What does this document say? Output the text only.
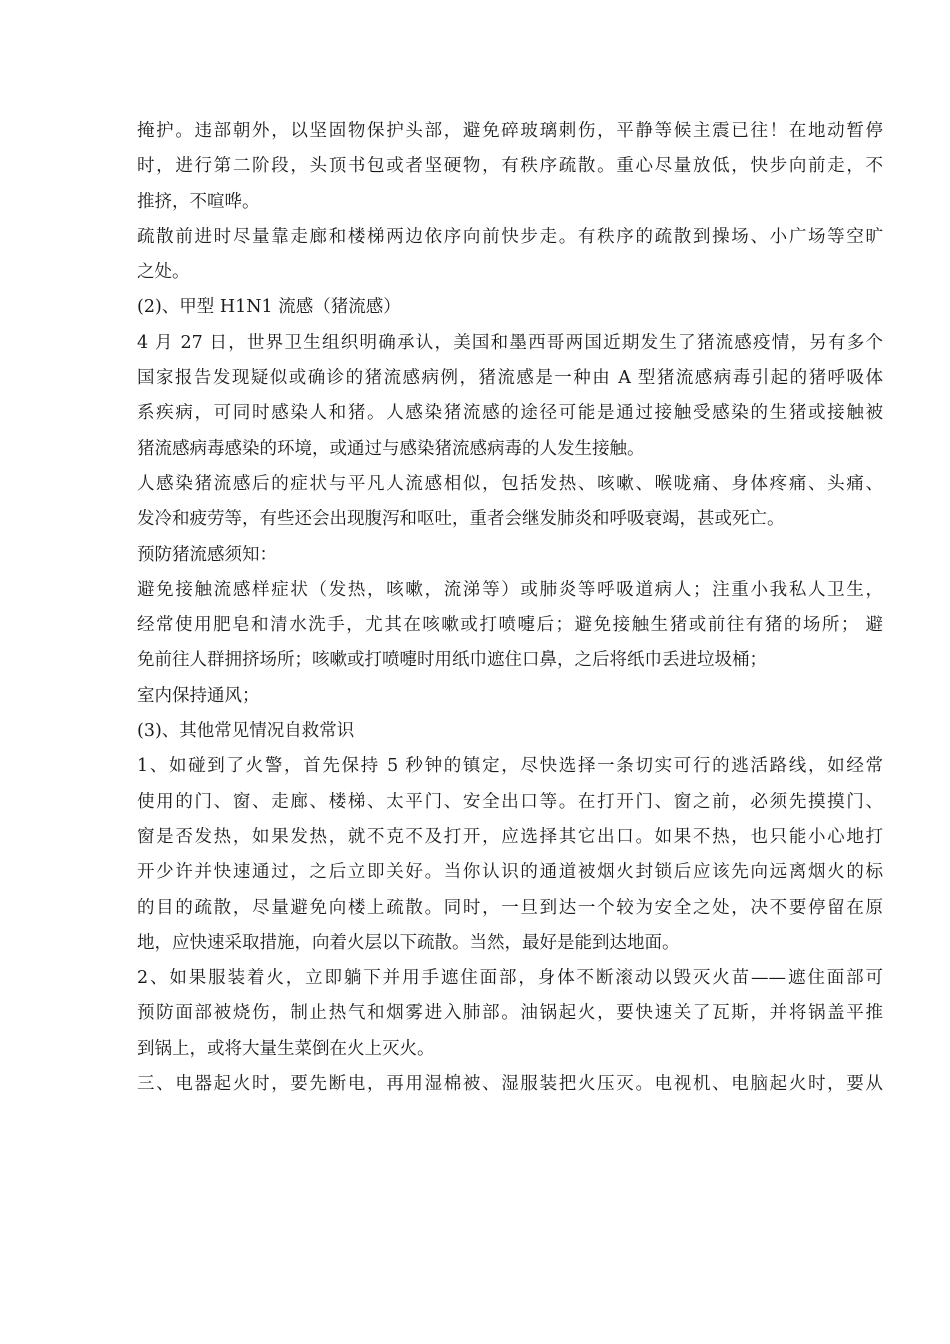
掩护。违部朝外，以坚固物保护头部，避免碎玻璃刺伤，平静等候主震已往！在地动暂停
时，进行第二阶段，头顶书包或者坚硬物，有秩序疏散。重心尽量放低，快步向前走，不
推挤，不喧哗。
疏散前进时尽量靠走廊和楼梯两边依序向前快步走。有秩序的疏散到操场、小广场等空旷
之处。
(2)、甲型 H1N1 流感（猪流感）
4 月 27 日，世界卫生组织明确承认，美国和墨西哥两国近期发生了猪流感疫情，另有多个
国家报告发现疑似或确诊的猪流感病例，猪流感是一种由 A 型猪流感病毒引起的猪呼吸体
系疾病，可同时感染人和猪。人感染猪流感的途径可能是通过接触受感染的生猪或接触被
猪流感病毒感染的环境，或通过与感染猪流感病毒的人发生接触。
人感染猪流感后的症状与平凡人流感相似，包括发热、咳嗽、喉咙痛、身体疼痛、头痛、
发冷和疲劳等，有些还会出现腹泻和呕吐，重者会继发肺炎和呼吸衰竭，甚或死亡。
预防猪流感须知：
避免接触流感样症状（发热，咳嗽，流涕等）或肺炎等呼吸道病人；注重小我私人卫生，
经常使用肥皂和清水洗手，尤其在咳嗽或打喷嚏后；避免接触生猪或前往有猪的场所； 避
免前往人群拥挤场所；咳嗽或打喷嚏时用纸巾遮住口鼻，之后将纸巾丢进垃圾桶；
室内保持通风；
(3)、其他常见情况自救常识
1、如碰到了火警，首先保持 5 秒钟的镇定，尽快选择一条切实可行的逃活路线，如经常
使用的门、窗、走廊、楼梯、太平门、安全出口等。在打开门、窗之前，必须先摸摸门、
窗是否发热，如果发热，就不克不及打开，应选择其它出口。如果不热，也只能小心地打
开少许并快速通过，之后立即关好。当你认识的通道被烟火封锁后应该先向远离烟火的标
的目的疏散，尽量避免向楼上疏散。同时，一旦到达一个较为安全之处，决不要停留在原
地，应快速采取措施，向着火层以下疏散。当然，最好是能到达地面。
2、如果服装着火，立即躺下并用手遮住面部，身体不断滚动以毁灭火苗——遮住面部可
预防面部被烧伤，制止热气和烟雾进入肺部。油锅起火，要快速关了瓦斯，并将锅盖平推
到锅上，或将大量生菜倒在火上灭火。
三、电器起火时，要先断电，再用湿棉被、湿服装把火压灭。电视机、电脑起火时，要从
